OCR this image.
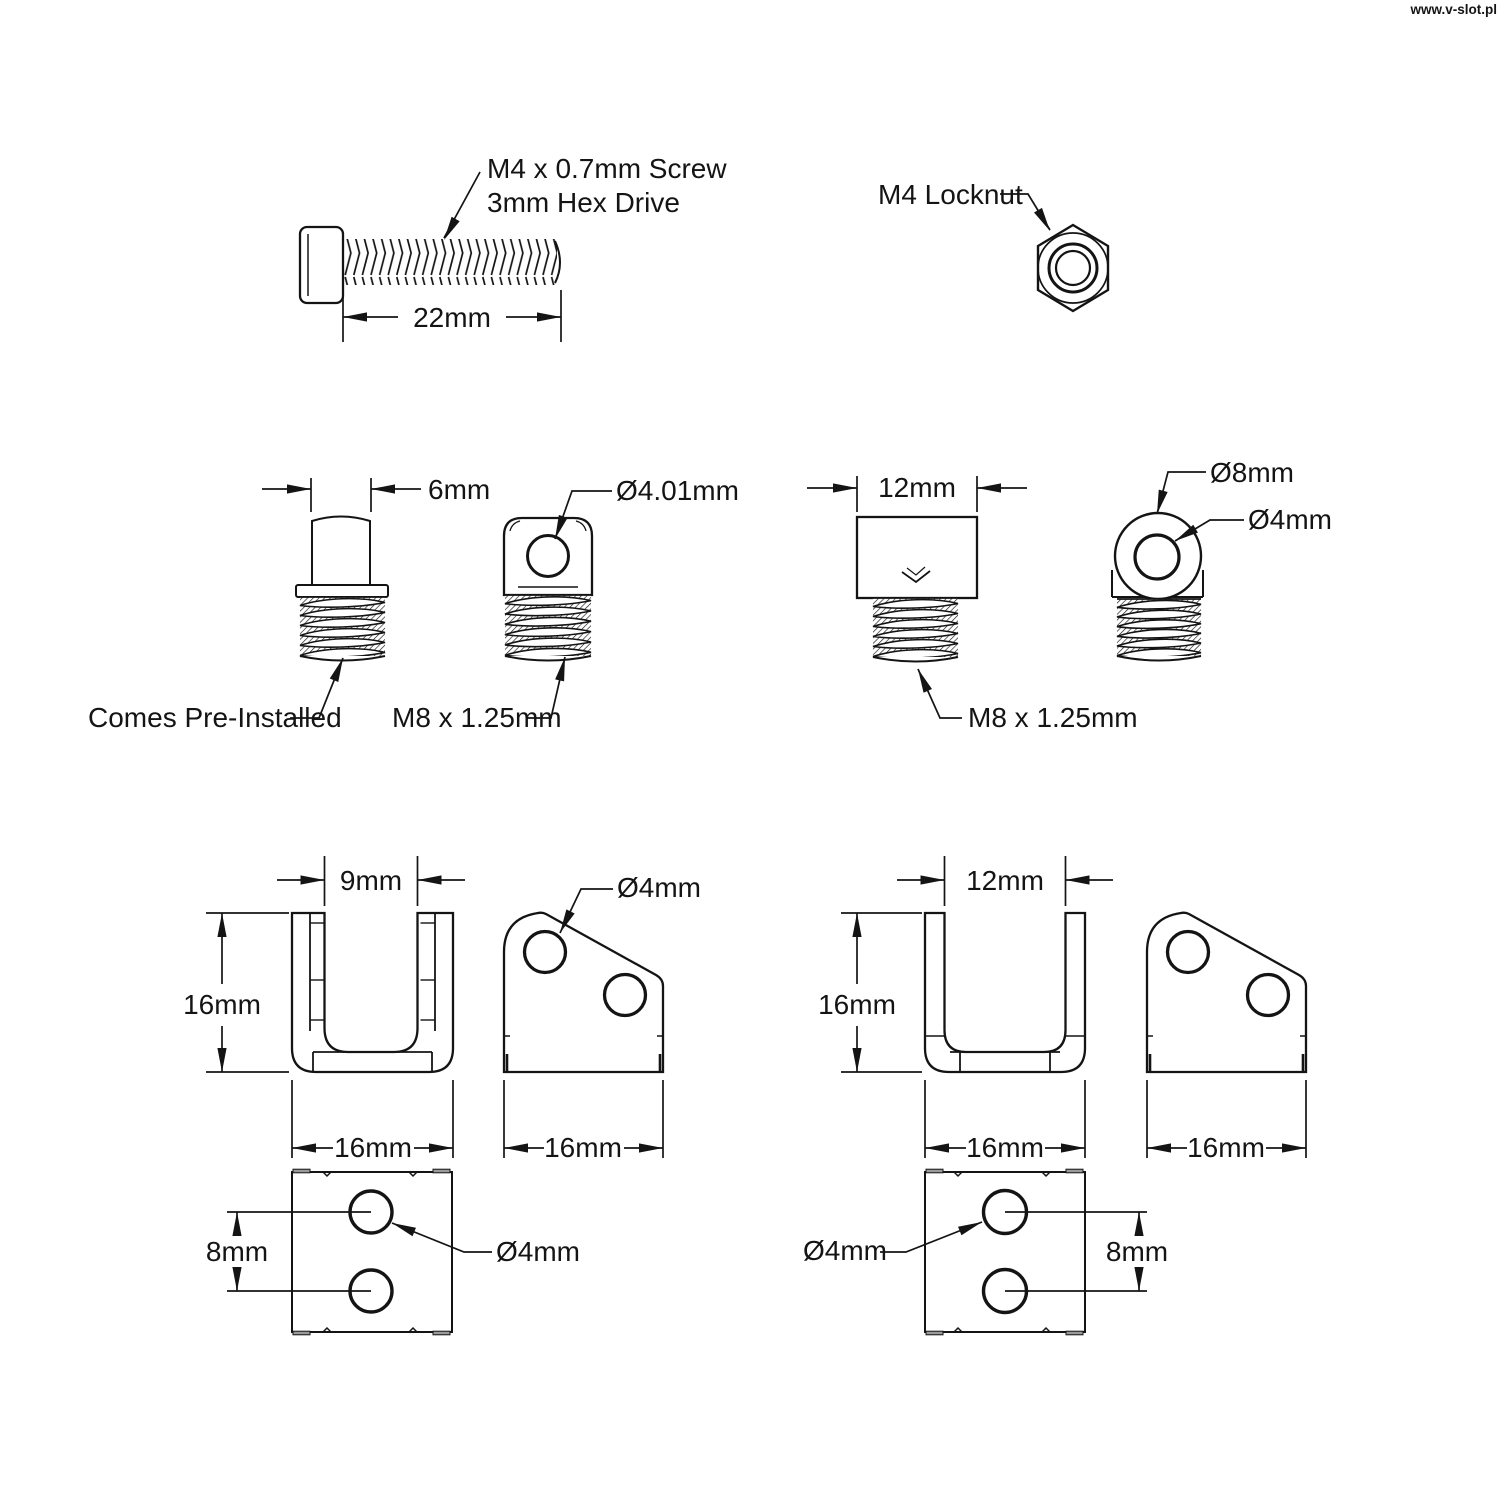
M4 x 0.7mm Screw
3mm Hex Drive
22mm
M4 Locknut
6mm	Ø4.01mm
Comes Pre-Installed M8 x 1.25mm
12mm	Ø8mm
Ø4mm
M8 x 1.25mm
9mm
16mm
16mm
Ø4mm
16mm
8mm	Ø4mm
12mm
16mm
16mm	16mm
Ø4mm	8mm
www.v-slot.pl
